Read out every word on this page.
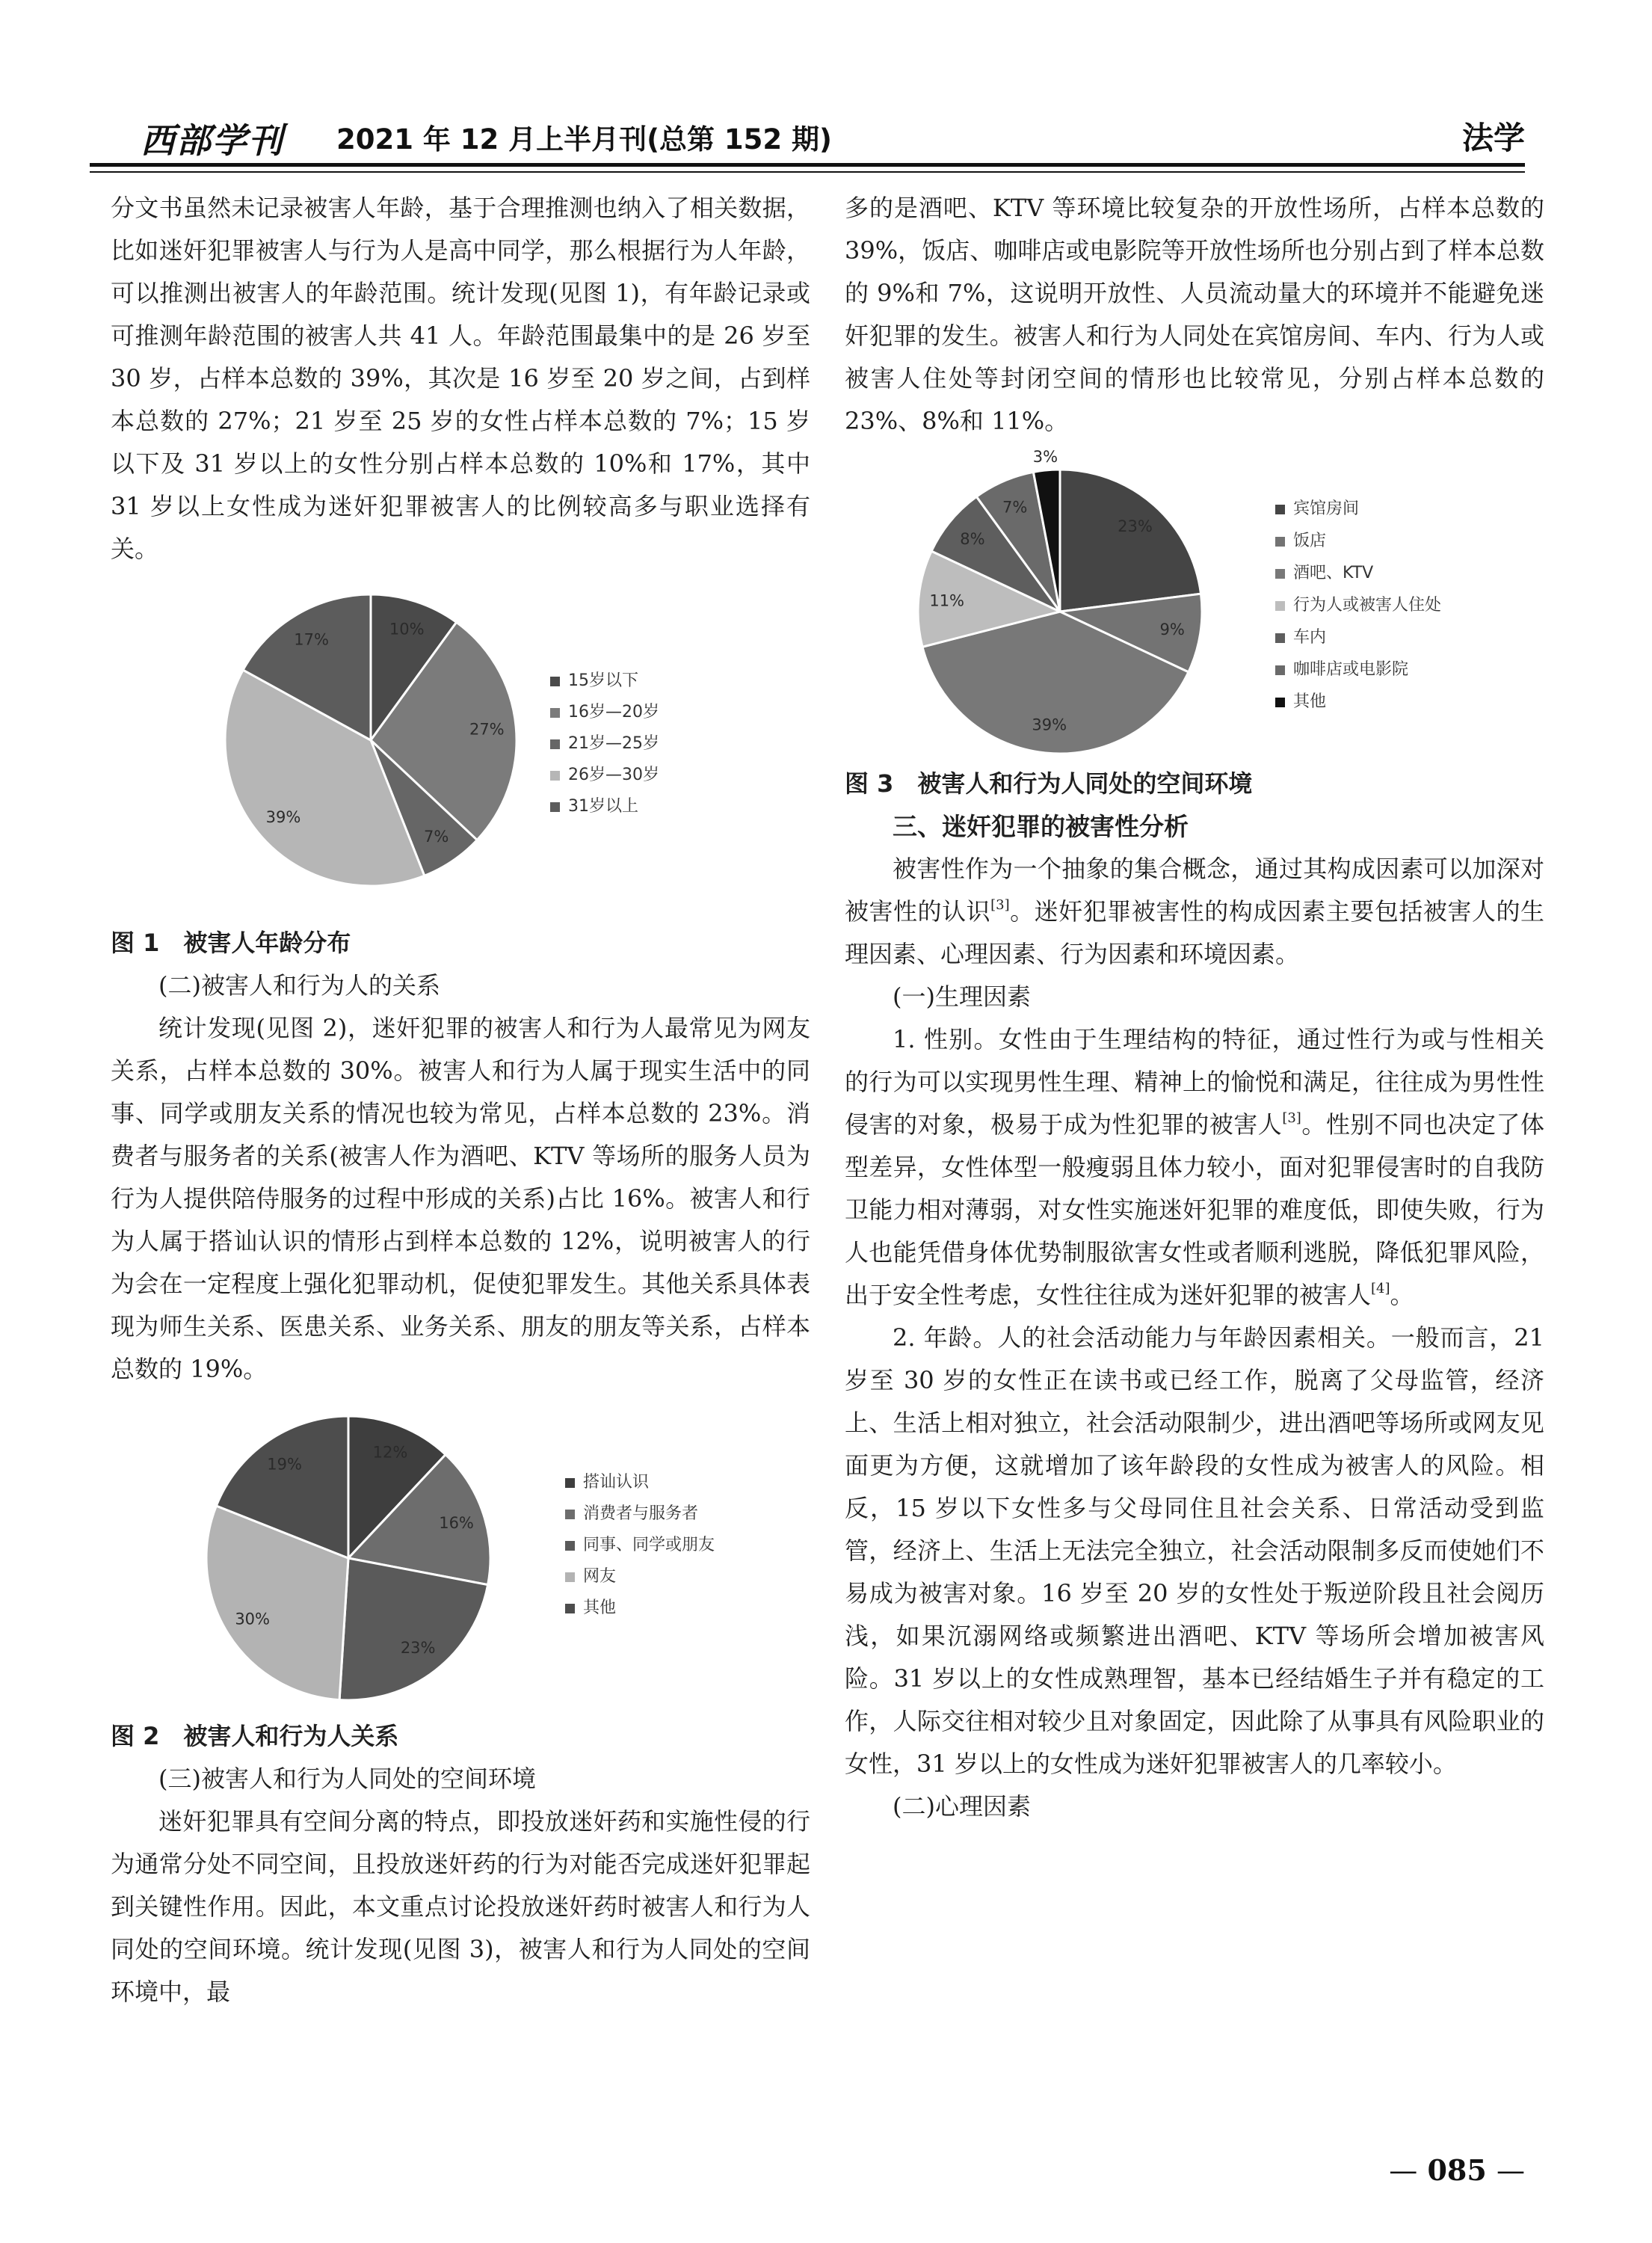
西部学刊 2021 年 12 月上半月刊(总第 152 期)	法学

分文书虽然未记录被害人年龄，基于合理推测也纳入了相关数据，比如迷奸犯罪被害人与行为人是高中同学，那么根据行为人年龄，可以推测出被害人的年龄范围。统计发现(见图 1)，有年龄记录或可推测年龄范围的被害人共 41 人。年龄范围最集中的是 26 岁至 30 岁，占样本总数的 39%，其次是 16 岁至 20 岁之间，占到样本总数的 27%；21 岁至 25 岁的女性占样本总数的 7%；15 岁以下及 31 岁以上的女性分别占样本总数的 10%和 17%，其中 31 岁以上女性成为迷奸犯罪被害人的比例较高多与职业选择有关。

10%
27%
7%
39%
17%
15岁以下
16岁—20岁
21岁—25岁
26岁—30岁
31岁以上

图 1　被害人年龄分布

(二)被害人和行为人的关系

统计发现(见图 2)，迷奸犯罪的被害人和行为人最常见为网友关系，占样本总数的 30%。被害人和行为人属于现实生活中的同事、同学或朋友关系的情况也较为常见，占样本总数的 23%。消费者与服务者的关系(被害人作为酒吧、KTV 等场所的服务人员为行为人提供陪侍服务的过程中形成的关系)占比 16%。被害人和行为人属于搭讪认识的情形占到样本总数的 12%，说明被害人的行为会在一定程度上强化犯罪动机，促使犯罪发生。其他关系具体表现为师生关系、医患关系、业务关系、朋友的朋友等关系，占样本总数的 19%。

12%
16%
23%
30%
19%
搭讪认识
消费者与服务者
同事、同学或朋友
网友
其他

图 2　被害人和行为人关系

(三)被害人和行为人同处的空间环境

迷奸犯罪具有空间分离的特点，即投放迷奸药和实施性侵的行为通常分处不同空间，且投放迷奸药的行为对能否完成迷奸犯罪起到关键性作用。因此，本文重点讨论投放迷奸药时被害人和行为人同处的空间环境。统计发现(见图 3)，被害人和行为人同处的空间环境中，最

多的是酒吧、KTV 等环境比较复杂的开放性场所，占样本总数的 39%，饭店、咖啡店或电影院等开放性场所也分别占到了样本总数的 9%和 7%，这说明开放性、人员流动量大的环境并不能避免迷奸犯罪的发生。被害人和行为人同处在宾馆房间、车内、行为人或被害人住处等封闭空间的情形也比较常见，分别占样本总数的 23%、8%和 11%。

23%
9%
39%
11%
8%
7%
3%
宾馆房间
饭店
酒吧、KTV
行为人或被害人住处
车内
咖啡店或电影院
其他

图 3　被害人和行为人同处的空间环境

三、迷奸犯罪的被害性分析

被害性作为一个抽象的集合概念，通过其构成因素可以加深对被害性的认识[3]。迷奸犯罪被害性的构成因素主要包括被害人的生理因素、心理因素、行为因素和环境因素。

(一)生理因素

1. 性别。女性由于生理结构的特征，通过性行为或与性相关的行为可以实现男性生理、精神上的愉悦和满足，往往成为男性性侵害的对象，极易于成为性犯罪的被害人[3]。性别不同也决定了体型差异，女性体型一般瘦弱且体力较小，面对犯罪侵害时的自我防卫能力相对薄弱，对女性实施迷奸犯罪的难度低，即使失败，行为人也能凭借身体优势制服欲害女性或者顺利逃脱，降低犯罪风险，出于安全性考虑，女性往往成为迷奸犯罪的被害人[4]。

2. 年龄。人的社会活动能力与年龄因素相关。一般而言，21 岁至 30 岁的女性正在读书或已经工作，脱离了父母监管，经济上、生活上相对独立，社会活动限制少，进出酒吧等场所或网友见面更为方便，这就增加了该年龄段的女性成为被害人的风险。相反，15 岁以下女性多与父母同住且社会关系、日常活动受到监管，经济上、生活上无法完全独立，社会活动限制多反而使她们不易成为被害对象。16 岁至 20 岁的女性处于叛逆阶段且社会阅历浅，如果沉溺网络或频繁进出酒吧、KTV 等场所会增加被害风险。31 岁以上的女性成熟理智，基本已经结婚生子并有稳定的工作，人际交往相对较少且对象固定，因此除了从事具有风险职业的女性，31 岁以上的女性成为迷奸犯罪被害人的几率较小。

(二)心理因素

— 085 —
